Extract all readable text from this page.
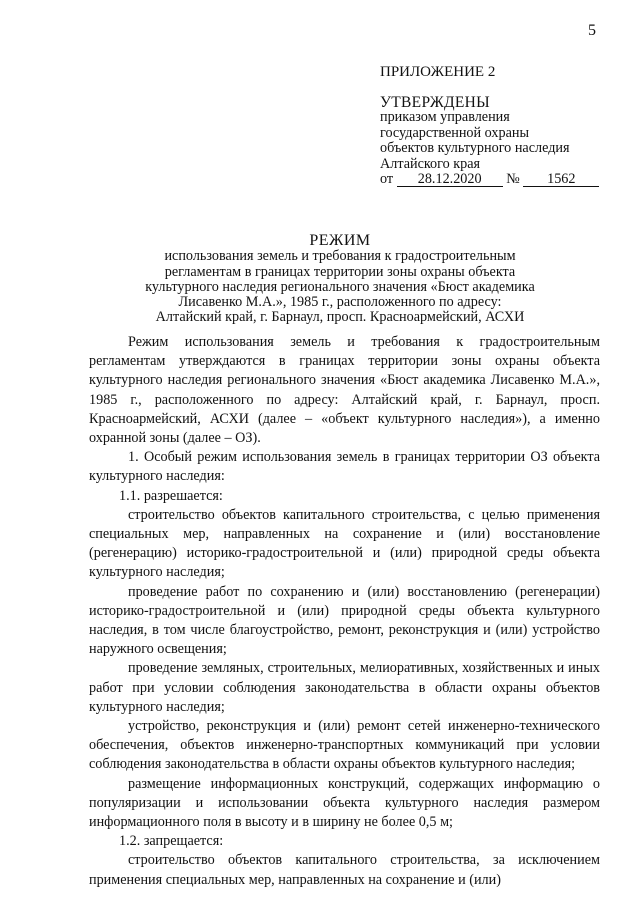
5
ПРИЛОЖЕНИЕ 2
УТВЕРЖДЕНЫ
приказом управления
государственной охраны
объектов культурного наследия
Алтайского края
от 28.12.2020 № 1562
РЕЖИМ
использования земель и требования к градостроительным
регламентам в границах территории зоны охраны объекта
культурного наследия регионального значения «Бюст академика
Лисавенко М.А.», 1985 г., расположенного по адресу:
Алтайский край, г. Барнаул, просп. Красноармейский, АСХИ

Режим использования земель и требования к градостроительным регламентам утверждаются в границах территории зоны охраны объекта культурного наследия регионального значения «Бюст академика Лисавенко М.А.», 1985 г., расположенного по адресу: Алтайский край, г. Барнаул, просп. Красноармейский, АСХИ (далее – «объект культурного наследия»), а именно охранной зоны (далее – ОЗ).

1. Особый режим использования земель в границах территории ОЗ объекта культурного наследия:

1.1. разрешается:

строительство объектов капитального строительства, с целью применения специальных мер, направленных на сохранение и (или) восстановление (регенерацию) историко-градостроительной и (или) природной среды объекта культурного наследия;

проведение работ по сохранению и (или) восстановлению (регенерации) историко-градостроительной и (или) природной среды объекта культурного наследия, в том числе благоустройство, ремонт, реконструкция и (или) устройство наружного освещения;

проведение земляных, строительных, мелиоративных, хозяйственных и иных работ при условии соблюдения законодательства в области охраны объектов культурного наследия;

устройство, реконструкция и (или) ремонт сетей инженерно-технического обеспечения, объектов инженерно-транспортных коммуникаций при условии соблюдения законодательства в области охраны объектов культурного наследия;

размещение информационных конструкций, содержащих информацию о популяризации и использовании объекта культурного наследия размером информационного поля в высоту и в ширину не более 0,5 м;

1.2. запрещается:

строительство объектов капитального строительства, за исключением применения специальных мер, направленных на сохранение и (или)
